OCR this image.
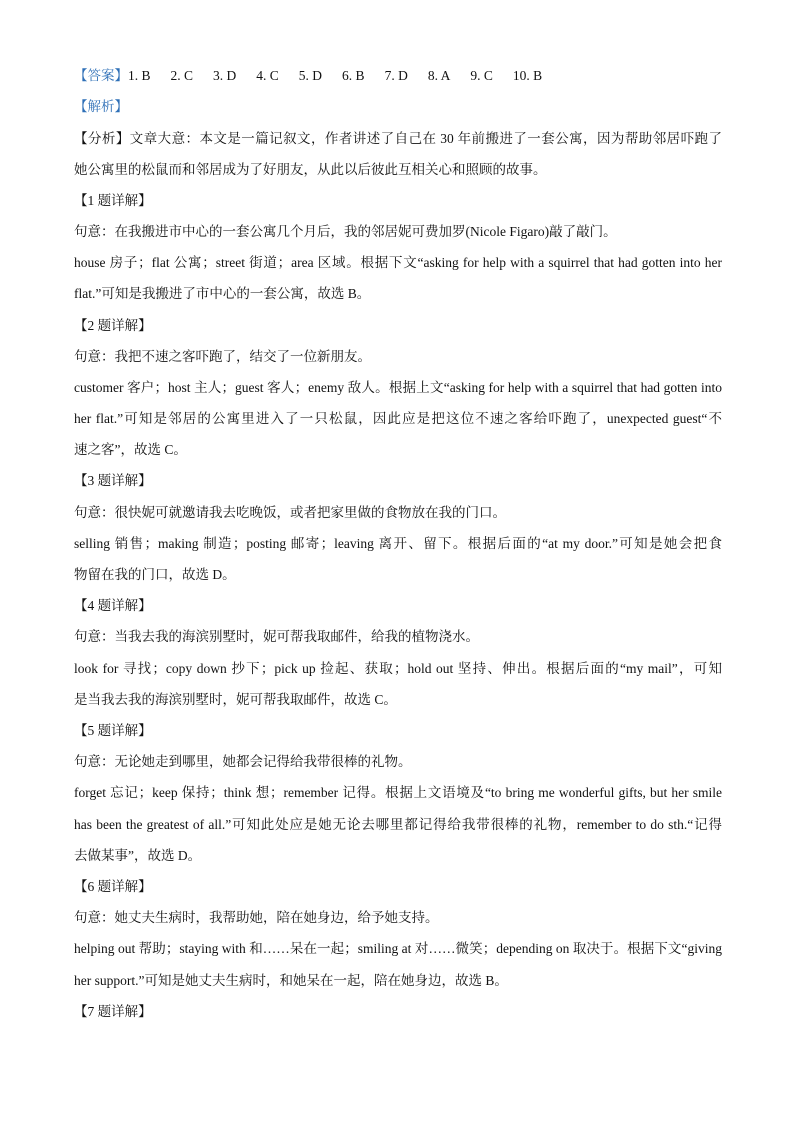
【答案】1. B 2. C 3. D 4. C 5. D 6. B 7. D 8. A 9. C 10. B
【解析】
【分析】文章大意：本文是一篇记叙文，作者讲述了自己在 30 年前搬进了一套公寓，因为帮助邻居吓跑了
她公寓里的松鼠而和邻居成为了好朋友，从此以后彼此互相关心和照顾的故事。
【1 题详解】
句意：在我搬进市中心的一套公寓几个月后，我的邻居妮可费加罗(Nicole Figaro)敲了敲门。
house 房子；flat 公寓；street 街道；area 区域。根据下文“asking for help with a squirrel that had gotten into her
flat.”可知是我搬进了市中心的一套公寓，故选 B。
【2 题详解】
句意：我把不速之客吓跑了，结交了一位新朋友。
customer 客户；host 主人；guest 客人；enemy 敌人。根据上文“asking for help with a squirrel that had gotten into
her flat.”可知是邻居的公寓里进入了一只松鼠，因此应是把这位不速之客给吓跑了，unexpected guest“不
速之客”，故选 C。
【3 题详解】
句意：很快妮可就邀请我去吃晚饭，或者把家里做的食物放在我的门口。
selling 销售；making 制造；posting 邮寄；leaving 离开、留下。根据后面的“at my door.”可知是她会把食
物留在我的门口，故选 D。
【4 题详解】
句意：当我去我的海滨别墅时，妮可帮我取邮件，给我的植物浇水。
look for 寻找；copy down 抄下；pick up 捡起、获取；hold out 坚持、伸出。根据后面的“my mail”，可知
是当我去我的海滨别墅时，妮可帮我取邮件，故选 C。
【5 题详解】
句意：无论她走到哪里，她都会记得给我带很棒的礼物。
forget 忘记；keep 保持；think 想；remember 记得。根据上文语境及“to bring me wonderful gifts, but her smile
has been the greatest of all.”可知此处应是她无论去哪里都记得给我带很棒的礼物，remember to do sth.“记得
去做某事”，故选 D。
【6 题详解】
句意：她丈夫生病时，我帮助她，陪在她身边，给予她支持。
helping out 帮助；staying with 和……呆在一起；smiling at 对……微笑；depending on 取决于。根据下文“giving
her support.”可知是她丈夫生病时，和她呆在一起，陪在她身边，故选 B。
【7 题详解】
